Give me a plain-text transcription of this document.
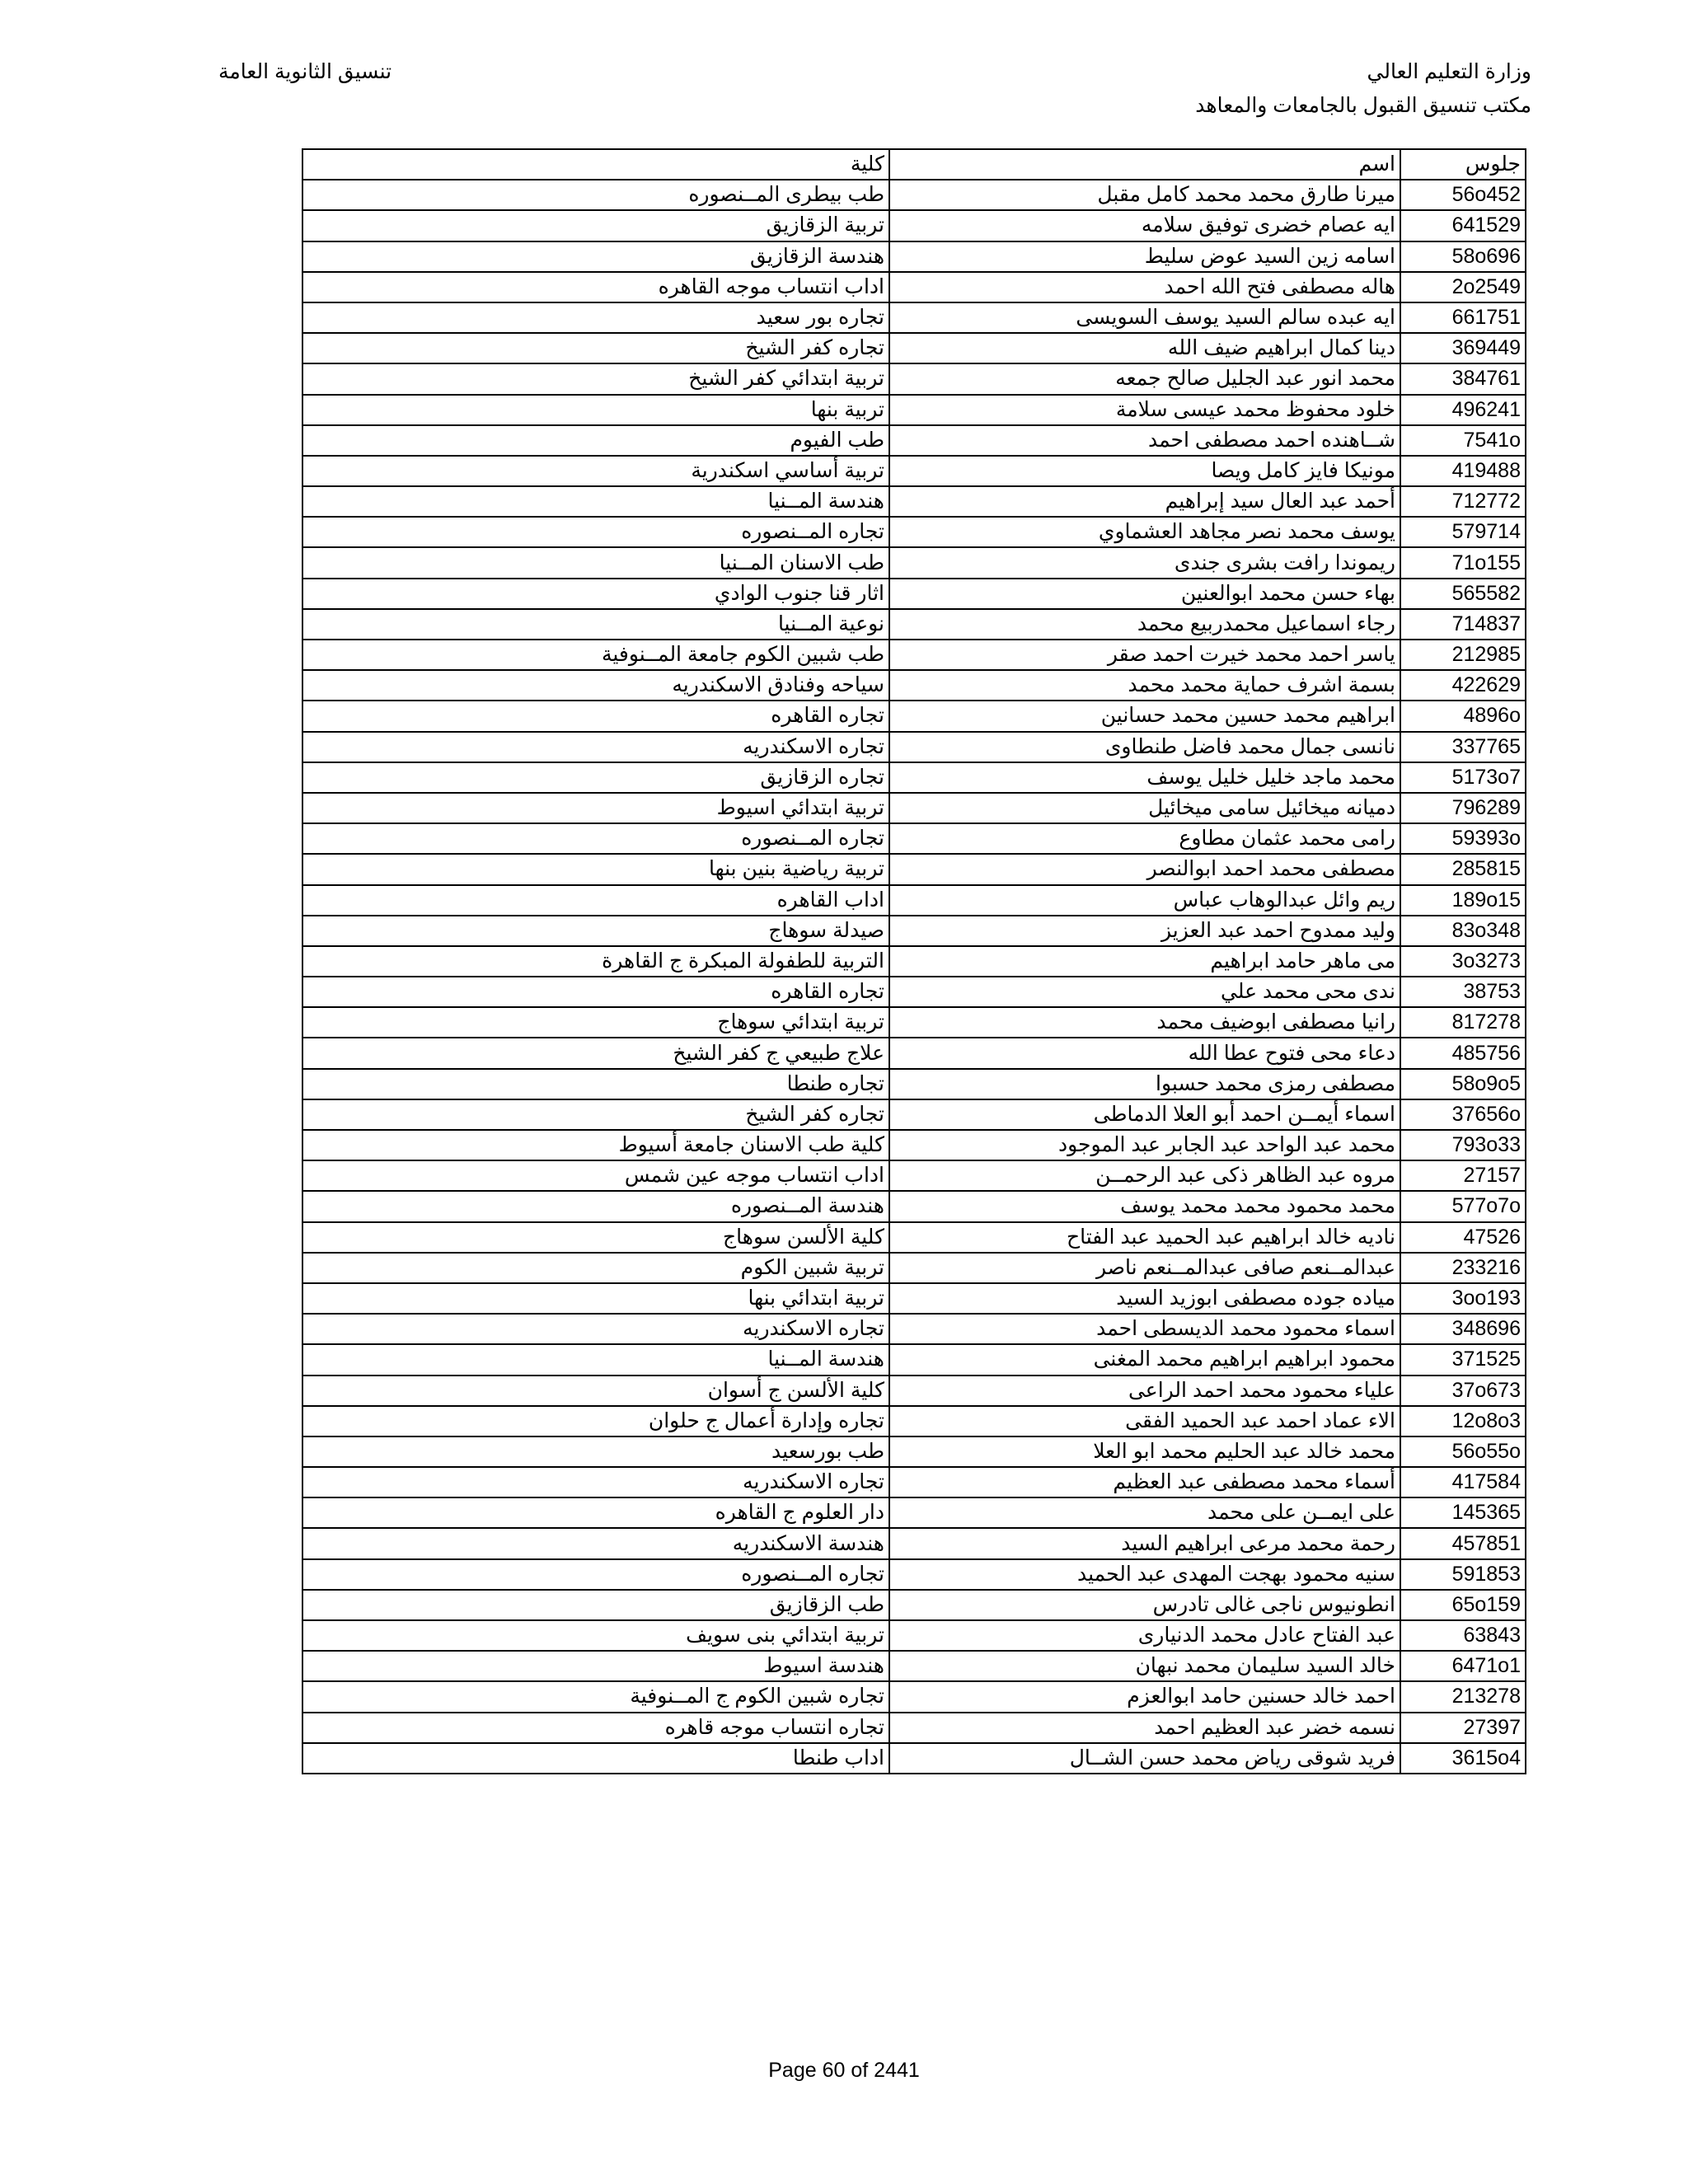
وزارة التعليم العالي
مكتب تنسيق القبول بالجامعات والمعاهد
تنسيق الثانوية العامة
جلوس	اسم	كلية
56o452	ميرنا طارق محمد محمد كامل مقبل	طب بيطرى المــنصوره
641529	ايه عصام خضرى توفيق سلامه	تربية الزقازيق
58o696	اسامه زين السيد عوض سليط	هندسة الزقازيق
2o2549	هاله مصطفى فتح الله احمد	اداب انتساب موجه القاهره
661751	ايه عبده سالم السيد يوسف السويسى	تجاره بور سعيد
369449	دينا كمال ابراهيم ضيف الله	تجاره كفر الشيخ
384761	محمد انور عبد الجليل صالح جمعه	تربية ابتدائي كفر الشيخ
496241	خلود محفوظ محمد عيسى سلامة	تربية بنها
7541o	شــاهنده احمد مصطفى احمد	طب الفيوم
419488	مونيكا فايز كامل ويصا	تربية أساسي اسكندرية
712772	أحمد عبد العال سيد إبراهيم	هندسة المــنيا
579714	يوسف محمد نصر مجاهد العشماوي	تجاره المــنصوره
71o155	ريموندا رافت بشرى جندى	طب الاسنان المــنيا
565582	بهاء حسن محمد ابوالعنين	اثار قنا جنوب الوادي
714837	رجاء اسماعيل محمدربيع محمد	نوعية المــنيا
212985	ياسر احمد محمد خيرت احمد صقر	طب شبين الكوم جامعة المــنوفية
422629	بسمة اشرف حماية محمد محمد	سياحه وفنادق الاسكندريه
4896o	ابراهيم محمد حسين محمد حسانين	تجاره القاهره
337765	نانسى جمال محمد فاضل طنطاوى	تجاره الاسكندريه
5173o7	محمد ماجد خليل خليل يوسف	تجاره الزقازيق
796289	دميانه ميخائيل سامى ميخائيل	تربية ابتدائي اسيوط
59393o	رامى محمد عثمان مطاوع	تجاره المــنصوره
285815	مصطفى محمد احمد ابوالنصر	تربية رياضية بنين بنها
189o15	ريم وائل عبدالوهاب عباس	اداب القاهره
83o348	وليد ممدوح احمد عبد العزيز	صيدلة سوهاج
3o3273	مى ماهر حامد ابراهيم	التربية للطفولة المبكرة ج القاهرة
38753	ندى محى محمد علي	تجاره القاهره
817278	رانيا مصطفى ابوضيف محمد	تربية ابتدائي سوهاج
485756	دعاء محى فتوح عطا الله	علاج طبيعي ج كفر الشيخ
58o9o5	مصطفى رمزى محمد حسبوا	تجاره طنطا
37656o	اسماء أيمــن احمد أبو العلا الدماطى	تجاره كفر الشيخ
793o33	محمد عبد الواحد عبد الجابر عبد الموجود	كلية طب الاسنان جامعة أسيوط
27157	مروه عبد الظاهر ذكى عبد الرحمــن	اداب انتساب موجه عين شمس
577o7o	محمد محمود محمد محمد يوسف	هندسة المــنصوره
47526	ناديه خالد ابراهيم عبد الحميد عبد الفتاح	كلية الألسن سوهاج
233216	عبدالمــنعم صافى عبدالمــنعم ناصر	تربية شبين الكوم
3oo193	مياده جوده مصطفى ابوزيد السيد	تربية ابتدائي بنها
348696	اسماء محمود محمد الديسطى احمد	تجاره الاسكندريه
371525	محمود ابراهيم ابراهيم محمد المغنى	هندسة المــنيا
37o673	علياء محمود محمد احمد الراعى	كلية الألسن ج أسوان
12o8o3	الاء عماد احمد عبد الحميد الفقى	تجاره وإدارة أعمال ج حلوان
56o55o	محمد خالد عبد الحليم محمد ابو العلا	طب بورسعيد
417584	أسماء محمد مصطفى عبد العظيم	تجاره الاسكندريه
145365	على ايمــن على محمد	دار العلوم ج القاهره
457851	رحمة محمد مرعى ابراهيم السيد	هندسة الاسكندريه
591853	سنيه محمود بهجت المهدى عبد الحميد	تجاره المــنصوره
65o159	انطونيوس ناجى غالى تادرس	طب الزقازيق
63843	عبد الفتاح عادل محمد الدنيارى	تربية ابتدائي بنى سويف
6471o1	خالد السيد سليمان محمد نبهان	هندسة اسيوط
213278	احمد خالد حسنين حامد ابوالعزم	تجاره شبين الكوم ج المــنوفية
27397	نسمه خضر عبد العظيم احمد	تجاره انتساب موجه قاهره
3615o4	فريد شوقى رياض محمد حسن الشــال	اداب طنطا
Page 60 of 2441
